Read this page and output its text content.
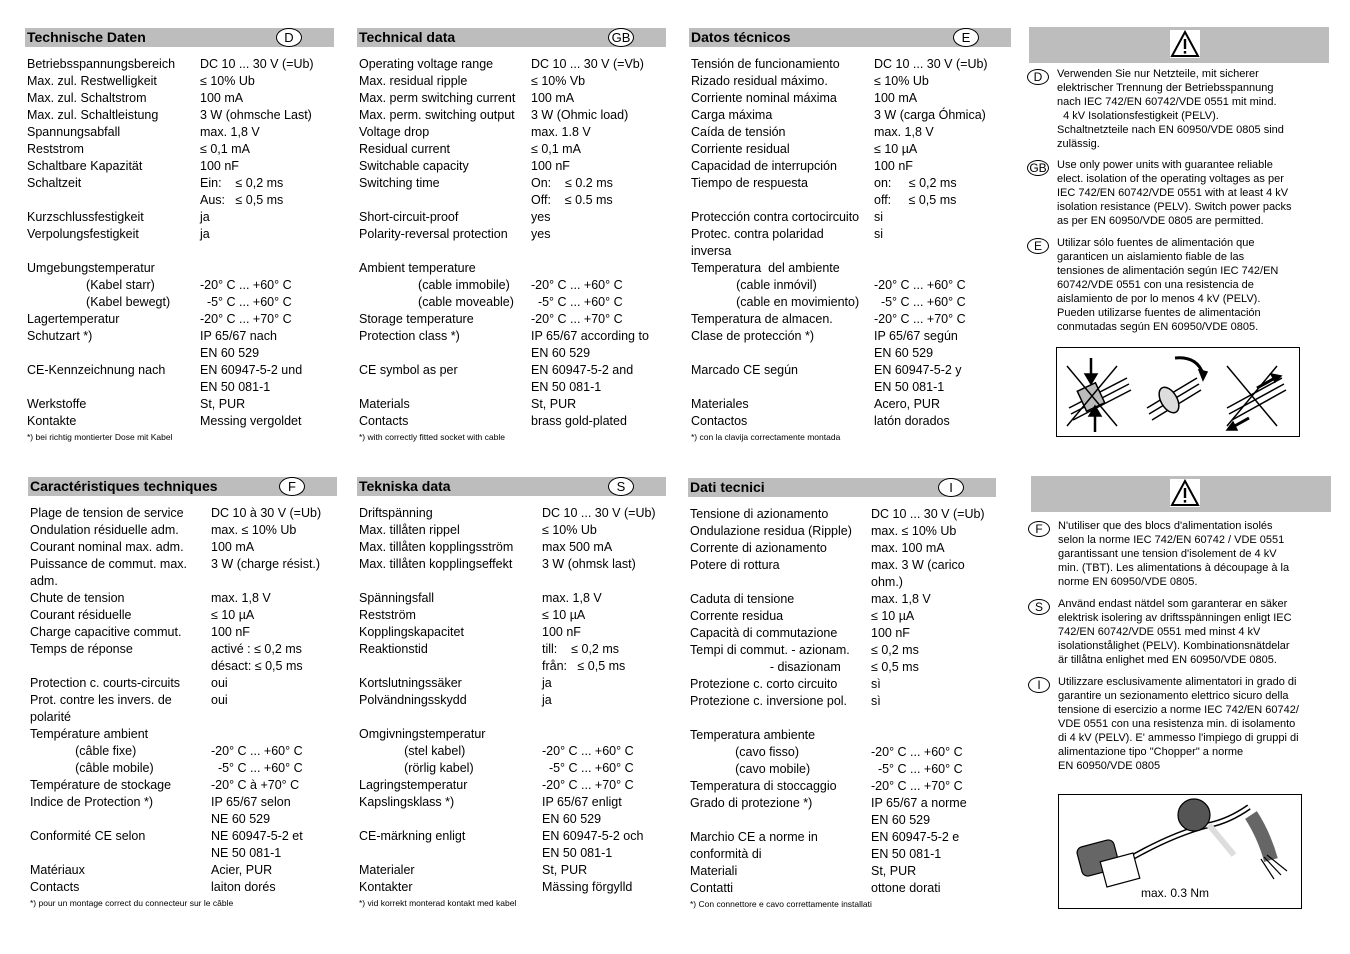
Technische Daten	D
Betriebsspannungsbereich DC 10 ... 30 V (=Ub)
Max. zul. Restwelligkeit	≤ 10% Ub
Max. zul. Schaltstrom	100 mA
Max. zul. Schaltleistung	3 W (ohmsche Last)
Spannungsabfall	max. 1,8 V
Reststrom	≤ 0,1 mA
Schaltbare Kapazität	100 nF
Schaltzeit	Ein:    ≤ 0,2 ms
Aus:   ≤ 0,5 ms
Kurzschlussfestigkeit	ja
Verpolungsfestigkeit	ja
Umgebungstemperatur
(Kabel starr)	-20° C ... +60° C
(Kabel bewegt) -5° C ... +60° C
Lagertemperatur	-20° C ... +70° C
Schutzart *)	IP 65/67 nach
EN 60 529
CE-Kennzeichnung nach	EN 60947-5-2 und
EN 50 081-1
Werkstoffe	St, PUR
Kontakte	Messing vergoldet
*) bei richtig montierter Dose mit Kabel
Technical data	GB
Operating voltage range	DC 10 ... 30 V (=Vb)
Max. residual ripple	≤ 10% Vb
Max. perm switching current 100 mA
Max. perm. switching output 3 W (Ohmic load)
Voltage drop	max. 1.8 V
Residual current	≤ 0,1 mA
Switchable capacity	100 nF
Switching time	On:    ≤ 0.2 ms
Off:    ≤ 0.5 ms
Short-circuit-proof	yes
Polarity-reversal protection yes
Ambient temperature
(cable immobile) -20° C ... +60° C
(cable moveable) -5° C ... +60° C
Storage temperature	-20° C ... +70° C
Protection class *)	IP 65/67 according to
EN 60 529
CE symbol as per	EN 60947-5-2 and
EN 50 081-1
Materials	St, PUR
Contacts	brass gold-plated
*) with correctly fitted socket with cable
Datos técnicos	E
Tensión de funcionamiento	DC 10 ... 30 V (=Ub)
Rizado residual máximo.	≤ 10% Ub
Corriente nominal máxima	100 mA
Carga máxima	3 W (carga Óhmica)
Caída de tensión	max. 1,8 V
Corriente residual	≤ 10 µA
Capacidad de interrupción	100 nF
Tiempo de respuesta	on:     ≤ 0,2 ms
off:     ≤ 0,5 ms
Protección contra cortocircuito si
Protec. contra polaridad	si
inversa
Temperatura  del ambiente
(cable inmóvil)	-20° C ... +60° C
(cable en movimiento) -5° C ... +60° C
Temperatura de almacen.	-20° C ... +70° C
Clase de protección *)	IP 65/67 según
EN 60 529
Marcado CE según	EN 60947-5-2 y
EN 50 081-1
Materiales	Acero, PUR
Contactos	latón dorados
*) con la clavija correctamente montada
Caractéristiques techniques	F
Plage de tension de service DC 10 à 30 V (=Ub)
Ondulation résiduelle adm.	max. ≤ 10% Ub
Courant nominal max. adm. 100 mA
Puissance de commut. max. 3 W (charge résist.)
adm.
Chute de tension	max. 1,8 V
Courant résiduelle	≤ 10 µA
Charge capacitive commut. 100 nF
Temps de réponse	activé : ≤ 0,2 ms
désact: ≤ 0,5 ms
Protection c. courts-circuits oui
Prot. contre les invers. de	oui
polarité
Température ambient
(câble fixe)	-20° C ... +60° C
(câble mobile)	-5° C ... +60° C
Température de stockage	-20° C à +70° C
Indice de Protection *)	IP 65/67 selon
NE 60 529
Conformité CE selon	NE 60947-5-2 et
NE 50 081-1
Matériaux	Acier, PUR
Contacts	laiton dorés
*) pour un montage correct du connecteur sur le câble
Tekniska data	S
Driftspänning	DC 10 ... 30 V (=Ub)
Max. tillåten rippel	≤ 10% Ub
Max. tillåten kopplingsström max 500 mA
Max. tillåten kopplingseffekt 3 W (ohmsk last)
Spänningsfall	max. 1,8 V
Restström	≤ 10 µA
Kopplingskapacitet	100 nF
Reaktionstid	till:    ≤ 0,2 ms
från:   ≤ 0,5 ms
Kortslutningssäker	ja
Polvändningsskydd	ja
Omgivningstemperatur
(stel kabel)	-20° C ... +60° C
(rörlig kabel)	-5° C ... +60° C
Lagringstemperatur	-20° C ... +70° C
Kapslingsklass *)	IP 65/67 enligt
EN 60 529
CE-märkning enligt	EN 60947-5-2 och
EN 50 081-1
Materialer	St, PUR
Kontakter	Mässing förgylld
*) vid korrekt monterad kontakt med kabel
Dati tecnici	I
Tensione di azionamento	DC 10 ... 30 V (=Ub)
Ondulazione residua (Ripple) max. ≤ 10% Ub
Corrente di azionamento	max. 100 mA
Potere di rottura	max. 3 W (carico
ohm.)
Caduta di tensione	max. 1,8 V
Corrente residua	≤ 10 µA
Capacità di commutazione	100 nF
Tempi di commut. - azionam. ≤ 0,2 ms
- disazionam ≤ 0,5 ms
Protezione c. corto circuito	sì
Protezione c. inversione pol. sì
Temperatura ambiente
(cavo fisso)	-20° C ... +60° C
(cavo mobile)	-5° C ... +60° C
Temperatura di stoccaggio	-20° C ... +70° C
Grado di protezione *)	IP 65/67 a norme
EN 60 529
Marchio CE a norme in	EN 60947-5-2 e
conformità di	EN 50 081-1
Materiali	St, PUR
Contatti	ottone dorati
*) Con connettore e cavo correttamente installati
D	Verwenden Sie nur Netzteile, mit sicherer
elektrischer Trennung der Betriebsspannung
nach IEC 742/EN 60742/VDE 0551 mit mind.
4 kV Isolationsfestigkeit (PELV).
Schaltnetzteile nach EN 60950/VDE 0805 sind
zulässig.
GB Use only power units with guarantee reliable
elect. isolation of the operating voltages as per
IEC 742/EN 60742/VDE 0551 with at least 4 kV
isolation resistance (PELV). Switch power packs
as per EN 60950/VDE 0805 are permitted.
E	Utilizar sólo fuentes de alimentación que
garanticen un aislamiento fiable de las
tensiones de alimentación según IEC 742/EN
60742/VDE 0551 con una resistencia de
aislamiento de por lo menos 4 kV (PELV).
Pueden utilizarse fuentes de alimentación
conmutadas según EN 60950/VDE 0805.
F	N'utiliser que des blocs d'alimentation isolés
selon la norme IEC 742/EN 60742 / VDE 0551
garantissant une tension d'isolement de 4 kV
min. (TBT). Les alimentations à découpage à la
norme EN 60950/VDE 0805.
S	Använd endast nätdel som garanterar en säker
elektrisk isolering av driftsspänningen enligt IEC
742/EN 60742/VDE 0551 med minst 4 kV
isolationstålighet (PELV). Kombinationsnätdelar
är tillåtna enlighet med EN 60950/VDE 0805.
I	Utilizzare esclusivamente alimentatori in grado di
garantire un sezionamento elettrico sicuro della
tensione di esercizio a norme IEC 742/EN 60742/
VDE 0551 con una resistenza min. di isolamento
di 4 kV (PELV). E' ammesso l'impiego di gruppi di
alimentazione tipo "Chopper" a norme
EN 60950/VDE 0805
max. 0.3 Nm
